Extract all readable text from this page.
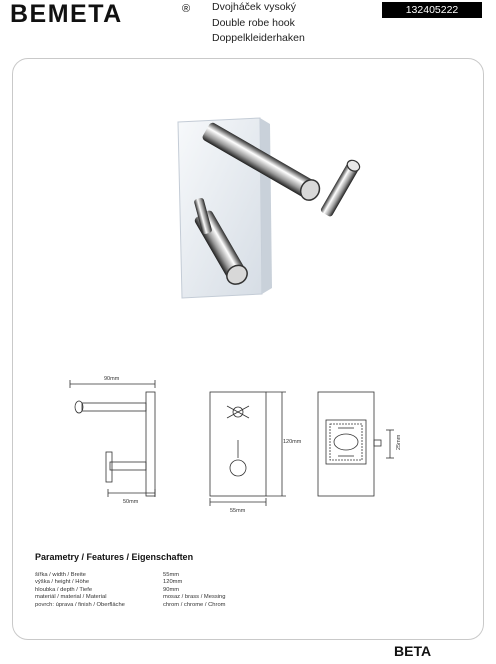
BEMETA	® Dvojháček vysoký
Double robe hook
Doppelkleiderhaken
132405222
90mm
50mm
120mm
55mm
25mm
Parametry / Features / Eigenschaften
šířka / width / Breite	55mm
výška / height / Höhe	120mm
hloubka / depth / Tiefe	90mm
materiál / material / Material	mosaz / brass / Messing
povrch: úprava / finish / Oberfläche	chrom / chrome / Chrom
BETA
